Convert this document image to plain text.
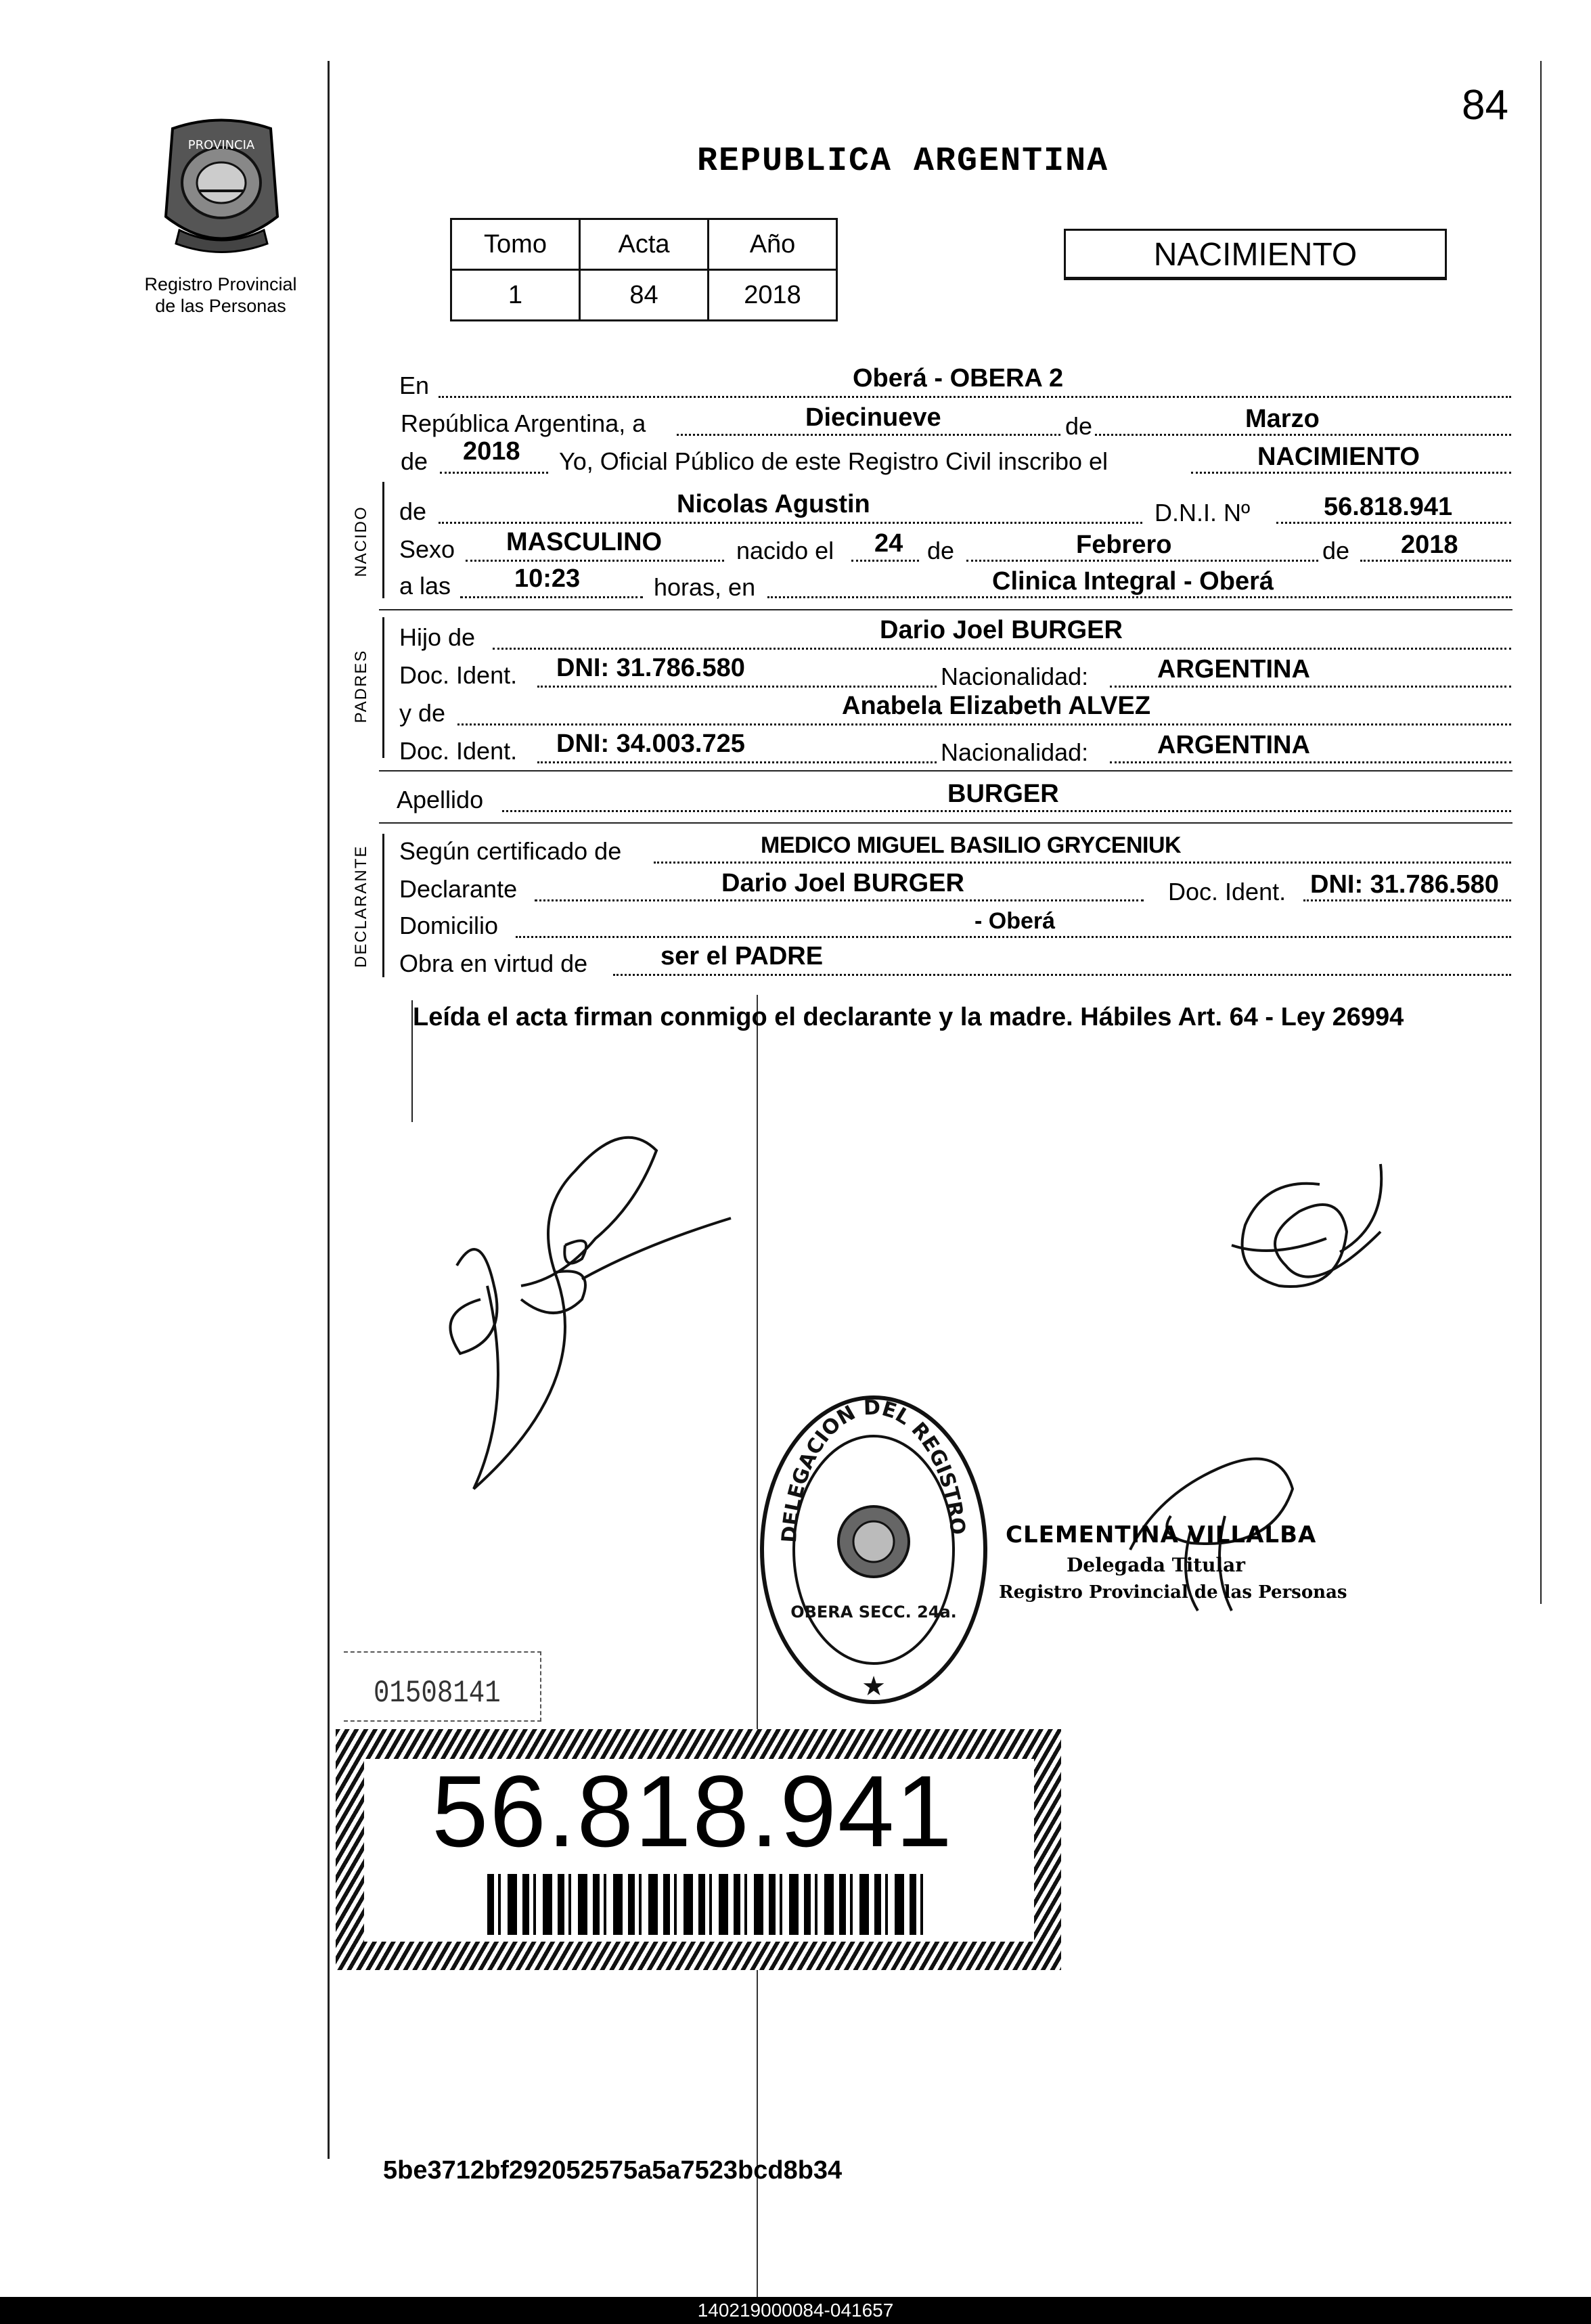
84
PROVINCIA
Registro Provincial
de las Personas
REPUBLICA ARGENTINA
Tomo	Acta	Año
1	84	2018
NACIMIENTO
En	Oberá - OBERA 2
República Argentina, a	Diecinueve	de	Marzo
de 2018 Yo, Oficial Público de este Registro Civil inscribo el	NACIMIENTO
NACIDO de	Nicolas Agustin	D.N.I. Nº	56.818.941
Sexo MASCULINO	nacido el 24 de	Febrero	de 2018
a las 10:23	horas, en	Clinica Integral - Oberá
PADRES
Hijo de	Dario Joel BURGER
Doc. Ident. DNI: 31.786.580	Nacionalidad:	ARGENTINA
y de	Anabela Elizabeth ALVEZ
Doc. Ident. DNI: 34.003.725	Nacionalidad:	ARGENTINA
Apellido	BURGER
DECLARANTE Según certificado de	MEDICO MIGUEL BASILIO GRYCENIUK
Declarante	Dario Joel BURGER	Doc. Ident. DNI: 31.786.580
Domicilio	- Oberá
Obra en virtud de	ser el PADRE
Leída el acta firman conmigo el declarante y la madre. Hábiles Art. 64 - Ley 26994
DELEGACION DEL REGISTRO
OBERA SECC. 24a.
★
CLEMENTINA VILLALBA
Delegada Titular
Registro Provincial de las Personas
01508141
56.818.941
5be3712bf292052575a5a7523bcd8b34
140219000084-041657
